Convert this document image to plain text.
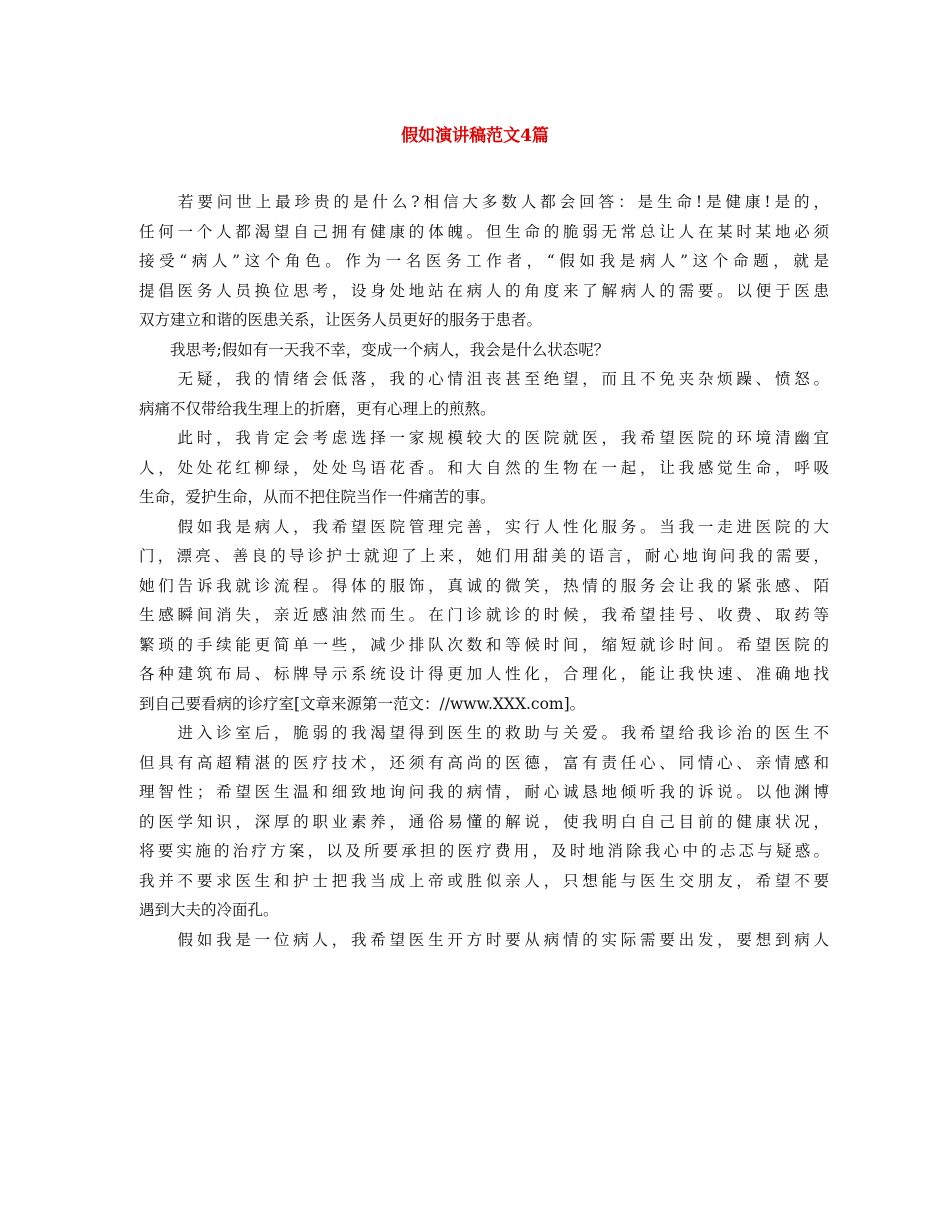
假如演讲稿范文4篇

　　若要问世上最珍贵的是什么?相信大多数人都会回答：是生命!是健康!是的，
任何一个人都渴望自己拥有健康的体魄。但生命的脆弱无常总让人在某时某地必须
接受“病人”这个角色。作为一名医务工作者，“假如我是病人”这个命题，就是
提倡医务人员换位思考，设身处地站在病人的角度来了解病人的需要。以便于医患
双方建立和谐的医患关系，让医务人员更好的服务于患者。

　　我思考;假如有一天我不幸，变成一个病人，我会是什么状态呢？

　　无疑，我的情绪会低落，我的心情沮丧甚至绝望，而且不免夹杂烦躁、愤怒。
病痛不仅带给我生理上的折磨，更有心理上的煎熬。

　　此时，我肯定会考虑选择一家规模较大的医院就医，我希望医院的环境清幽宜
人，处处花红柳绿，处处鸟语花香。和大自然的生物在一起，让我感觉生命，呼吸
生命，爱护生命，从而不把住院当作一件痛苦的事。

　　假如我是病人，我希望医院管理完善，实行人性化服务。当我一走进医院的大
门，漂亮、善良的导诊护士就迎了上来，她们用甜美的语言，耐心地询问我的需要，
她们告诉我就诊流程。得体的服饰，真诚的微笑，热情的服务会让我的紧张感、陌
生感瞬间消失，亲近感油然而生。在门诊就诊的时候，我希望挂号、收费、取药等
繁琐的手续能更简单一些，减少排队次数和等候时间，缩短就诊时间。希望医院的
各种建筑布局、标牌导示系统设计得更加人性化，合理化，能让我快速、准确地找
到自己要看病的诊疗室[文章来源第一范文：//www.XXX.com]。

　　进入诊室后，脆弱的我渴望得到医生的救助与关爱。我希望给我诊治的医生不
但具有高超精湛的医疗技术，还须有高尚的医德，富有责任心、同情心、亲情感和
理智性；希望医生温和细致地询问我的病情，耐心诚恳地倾听我的诉说。以他渊博
的医学知识，深厚的职业素养，通俗易懂的解说，使我明白自己目前的健康状况，
将要实施的治疗方案，以及所要承担的医疗费用，及时地消除我心中的忐忑与疑惑。
我并不要求医生和护士把我当成上帝或胜似亲人，只想能与医生交朋友，希望不要
遇到大夫的冷面孔。

　　假如我是一位病人，我希望医生开方时要从病情的实际需要出发，要想到病人
